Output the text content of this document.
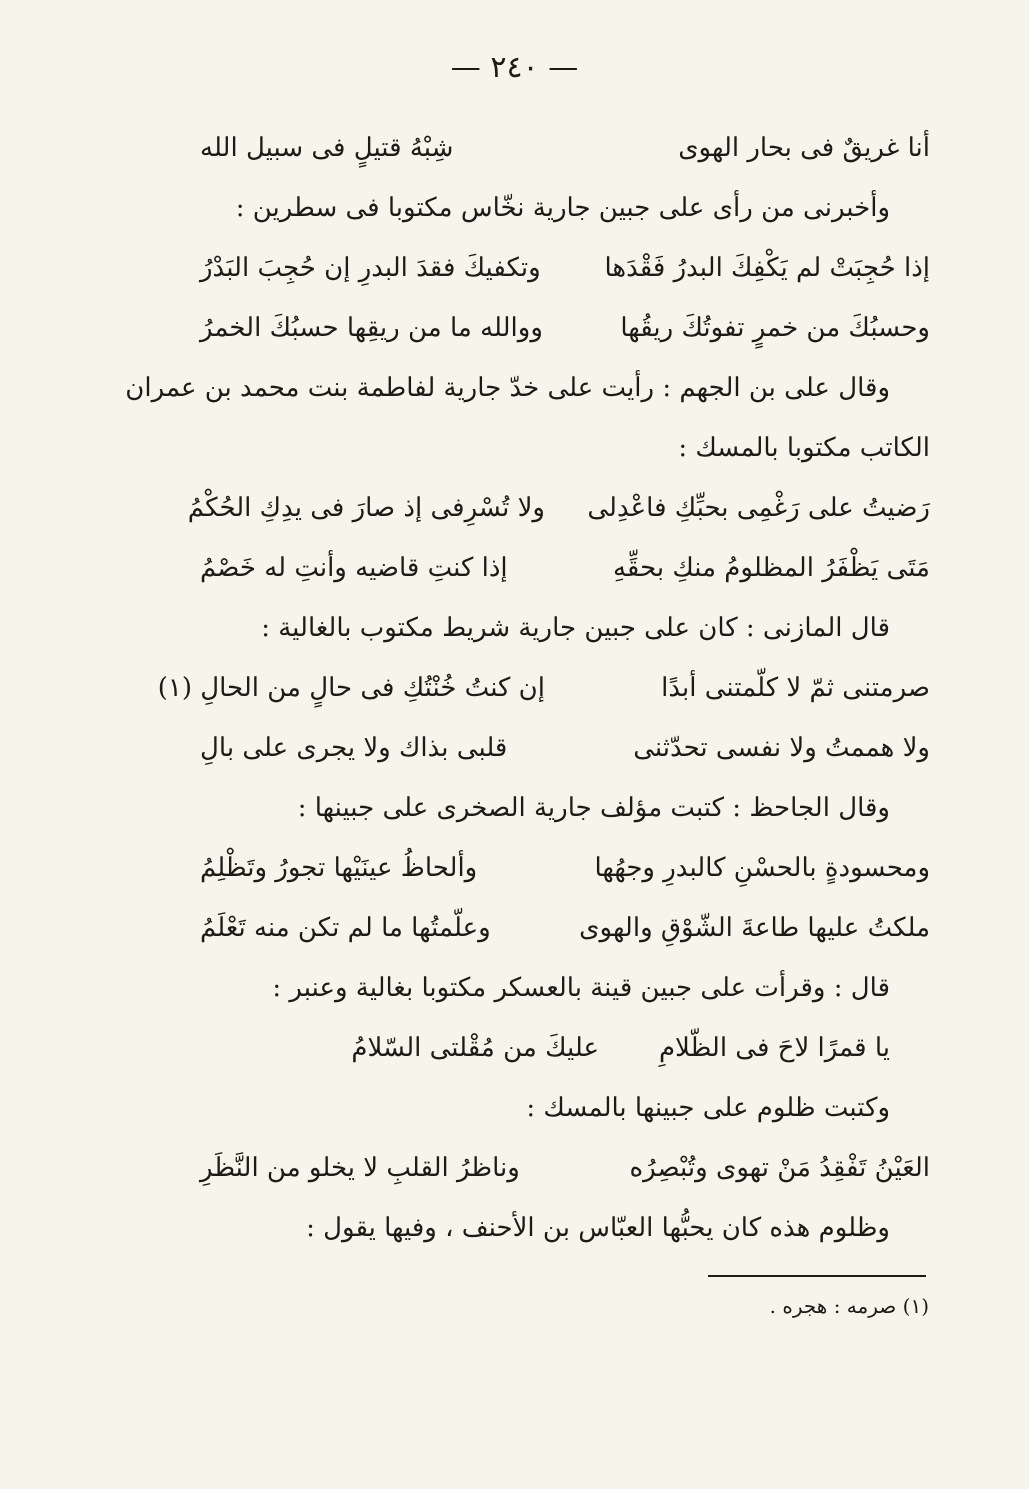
— ٢٤٠ —
أنا غريقٌ فى بحار الهوى
شِبْهُ قتيلٍ فى سبيل الله
وأخبرنى من رأى على جبين جارية نخّاس مكتوبا فى سطرين :
إذا حُجِبَتْ لم يَكْفِكَ البدرُ فَقْدَها
وتكفيكَ فقدَ البدرِ إن حُجِبَ البَدْرُ
وحسبُكَ من خمرٍ تفوتُكَ ريقُها
ووالله ما من ريقِها حسبُكَ الخمرُ
وقال على بن الجهم : رأيت على خدّ جارية لفاطمة بنت محمد بن عمران
الكاتب مكتوبا بالمسك :
رَضيتُ على رَغْمِى بحبِّكِ فاعْدِلى
ولا تُسْرِفى إذ صارَ فى يدِكِ الحُكْمُ
مَتَى يَظْفَرُ المظلومُ منكِ بحقِّهِ
إذا كنتِ قاضيه وأنتِ له خَصْمُ
قال المازنى : كان على جبين جارية شريط مكتوب بالغالية :
صرمتنى ثمّ لا كلّمتنى أبدًا
إن كنتُ خُنْتُكِ فى حالٍ من الحالِ (١)
ولا هممتُ ولا نفسى تحدّثنى
قلبى بذاك ولا يجرى على بالِ
وقال الجاحظ : كتبت مؤلف جارية الصخرى على جبينها :
ومحسودةٍ بالحسْنِ كالبدرِ وجهُها
وألحاظُ عينَيْها تجورُ وتَظْلِمُ
ملكتُ عليها طاعةَ الشّوْقِ والهوى
وعلّمتُها ما لم تكن منه تَعْلَمُ
قال : وقرأت على جبين قينة بالعسكر مكتوبا بغالية وعنبر :
يا قمرًا لاحَ فى الظّلامِ
عليكَ من مُقْلتى السّلامُ
وكتبت ظلوم على جبينها بالمسك :
العَيْنُ تَفْقِدُ مَنْ تهوى وتُبْصِرُه
وناظرُ القلبِ لا يخلو من النَّظَرِ
وظلوم هذه كان يحبُّها العبّاس بن الأحنف ، وفيها يقول :
(١) صرمه : هجره .
